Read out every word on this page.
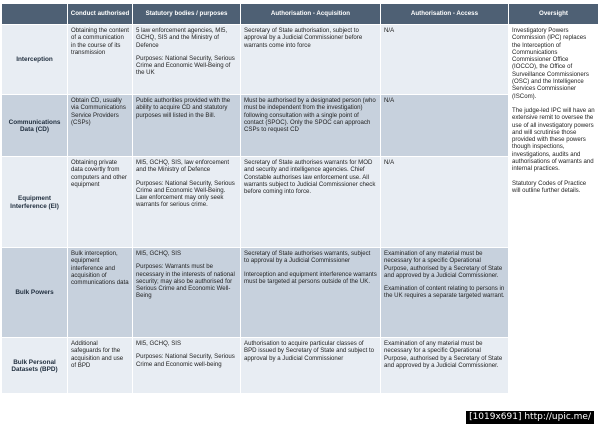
	Conduct authorised	Statutory bodies / purposes	Authorisation - Acquisition	Authorisation - Access	Oversight
Interception	Obtaining the content of a communication in the course of its transmission	5 law enforcement agencies, MI5, GCHQ, SIS and the Ministry of Defence
Purposes: National Security, Serious Crime and Economic Well-Being of the UK	Secretary of State authorisation, subject to approval by a Judicial Commissioner before warrants come into force	N/A	Investigatory Powers Commission (IPC) replaces the Interception of Communications Commissioner Office (IOCCO), the Office of Surveillance Commissioners (OSC) and the Intelligence Services Commissioner (ISCom).
The judge-led IPC will have an extensive remit to oversee the use of all investigatory powers and will scrutinise those provided with these powers though inspections, investigations, audits and authorisations of warrants and internal practices.
Statutory Codes of Practice will outline further details.

Communications Data (CD)	Obtain CD, usually via Communications Service Providers (CSPs)	Public authorities provided with the ability to acquire CD and statutory purposes will listed in the Bill.	Must be authorised by a designated person (who must be independent from the investigation) following consultation with a single point of contact (SPOC). Only the SPOC can approach CSPs to request CD	N/A	
Equipment Interference (EI)	Obtaining private data covertly from computers and other equipment	MI5, GCHQ, SIS, law enforcement and the Ministry of Defence
Purposes: National Security, Serious Crime and Economic Well-Being. Law enforcement may only seek warrants for serious crime.	Secretary of State authorises warrants for MOD and security and intelligence agencies. Chief Constable authorises law enforcement use. All warrants subject to Judicial Commissioner check before coming into force.	N/A	
Bulk Powers	Bulk interception, equipment interference and acquisition of communications data	MI5, GCHQ, SIS
Purposes: Warrants must be necessary in the interests of national security; may also be authorised for Serious Crime and Economic Well-Being	Secretary of State authorises warrants, subject to approval by a Judicial Commissioner
Interception and equipment interference warrants must be targeted at persons outside of the UK.	Examination of any material must be necessary for a specific Operational Purpose, authorised by a Secretary of State and approved by a Judicial Commissioner.
Examination of content relating to persons in the UK requires a separate targeted warrant.	

Bulk Personal Datasets (BPD)	Additional safeguards for the acquisition and use of BPD	MI5, GCHQ, SIS
Purposes: National Security, Serious Crime and Economic well-being	Authorisation to acquire particular classes of BPD issued by Secretary of State and subject to approval by a Judicial Commissioner	Examination of any material must be necessary for a specific Operational Purpose, authorised by a Secretary of State and approved by a Judicial Commissioner.	
[1019x691] http://upic.me/
